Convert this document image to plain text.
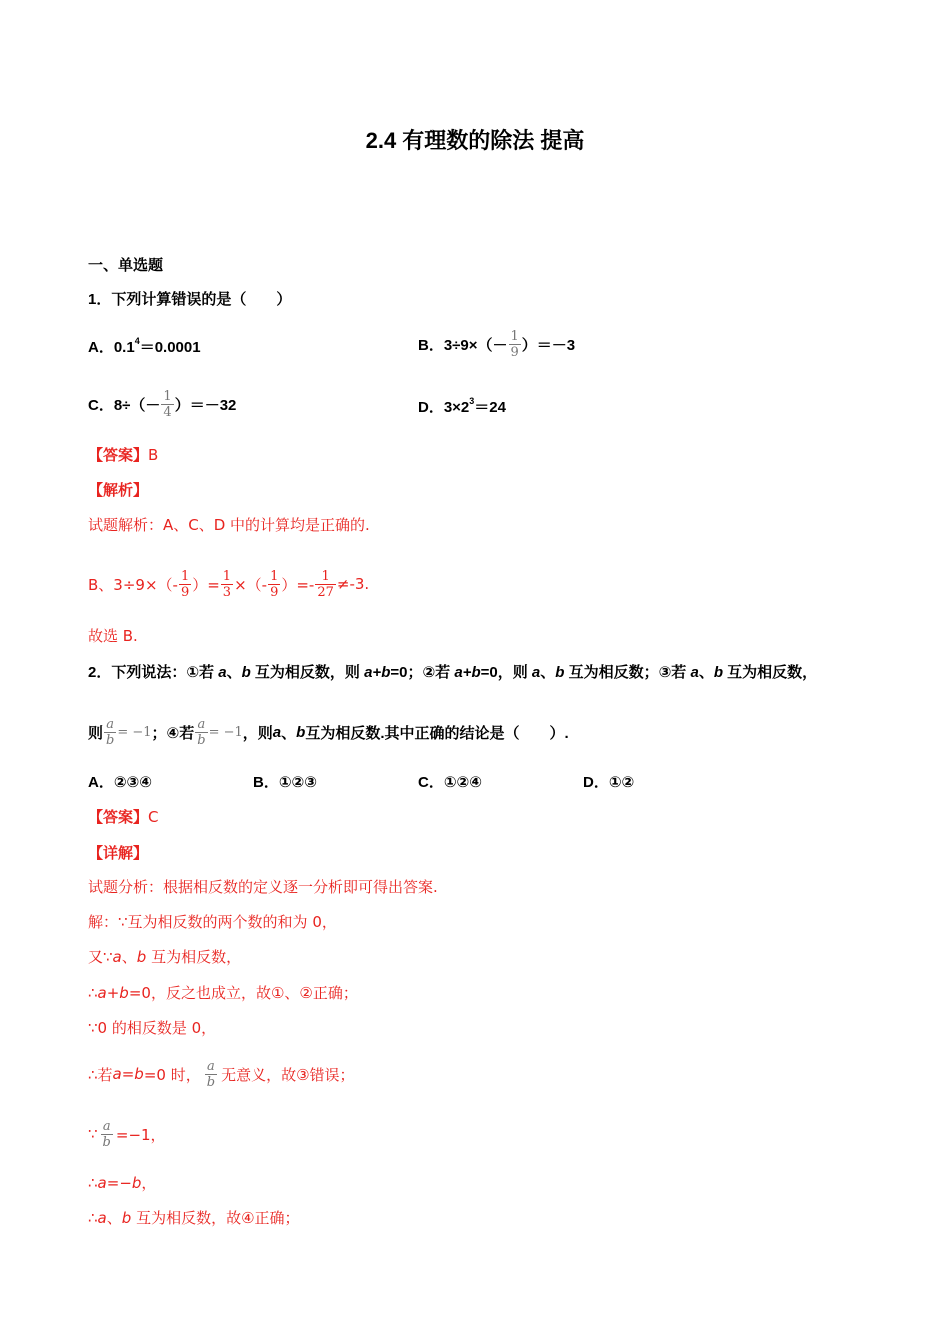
2.4 有理数的除法 提高
一、单选题
1．下列计算错误的是（　　）
A．$0.1^4=0.0001$	B．$3\div 9\times(- \frac{1}{9} )=-3$
C．$8\div(- \frac{1}{4} )=-32$	D．$3\times 2^3=24$
【答案】B
【解析】
试题解析：A、C、D 中的计算均是正确的.
B、$3\div 9\times(- \frac{1}{9}$ ）= $\frac{1}{3}$ ×（- $\frac{1}{9}$ ）=- $\frac{1}{27} \ne-3$.
故选 B.
2．下列说法：①若 a、b 互为相反数，则 a+b=0；②若 a+b=0，则 a、b 互为相反数；③若 a、b 互为相反数，
则 $\frac{a}{b} = -1$ ；④若 $\frac{a}{b} = -1$ ，则 a 、 b 互为相反数.其中正确的结论是（　　）.
A．②③④	B．①②③	C．①②④	D．①②
【答案】C
【详解】
试题分析：根据相反数的定义逐一分析即可得出答案.
解：∵互为相反数的两个数的和为 0，
又∵a、b 互为相反数，
∴a+b=0，反之也成立，故①、②正确；
∵0 的相反数是 0，
∴若 a=b =0 时， $\frac{a}{b}$ 无意义，故③错误；
∵ $\frac{a}{b} =-1$，
∴a=−b，
∴a、b 互为相反数，故④正确；
